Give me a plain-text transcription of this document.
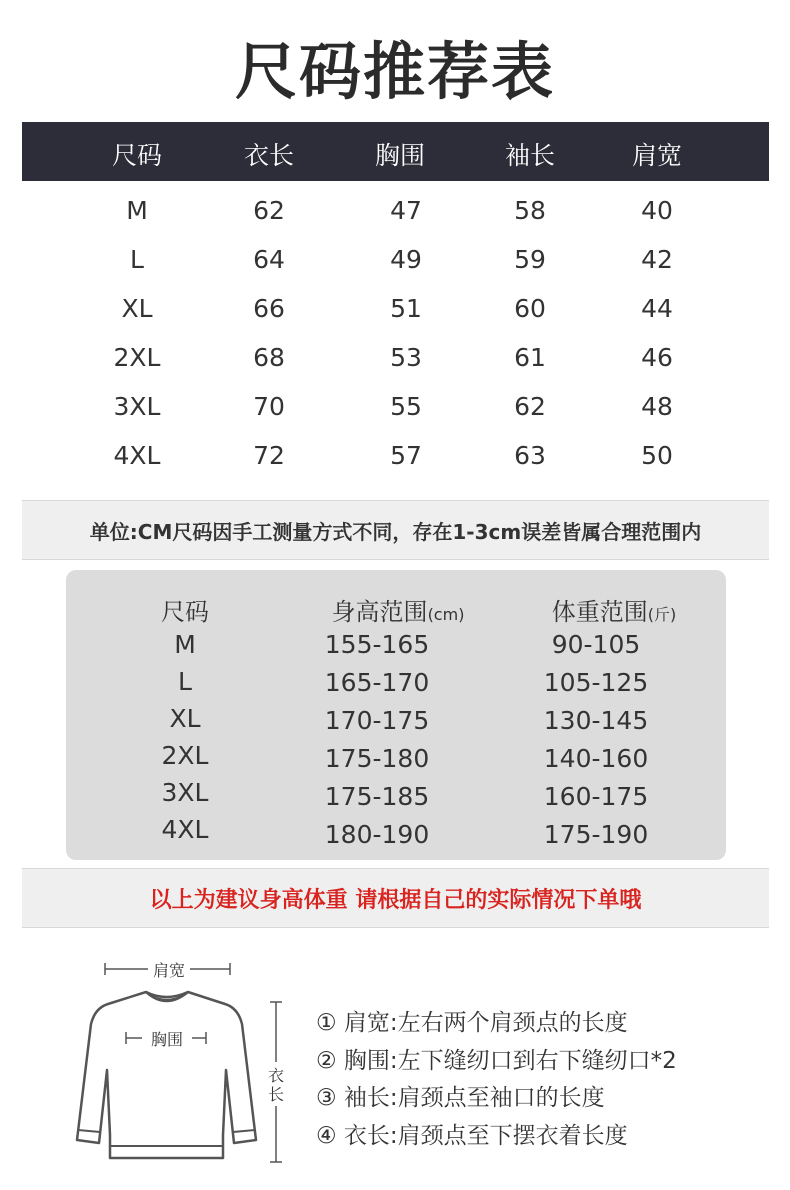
尺码推荐表
尺码	衣长	胸围	袖长	肩宽
M	62	47	58	40
L	64	49	59	42
XL	66	51	60	44
2XL	68	53	61	46
3XL	70	55	62	48
4XL	72	57	63	50
单位:CM尺码因手工测量方式不同，存在1-3cm误差皆属合理范围内
尺码	身高范围(cm)	体重范围(斤)
M	155-165	90-105
L	165-170	105-125
XL	170-175	130-145
2XL	175-180	140-160
3XL	175-185	160-175
4XL	180-190	175-190
以上为建议身高体重 请根据自己的实际情况下单哦
肩宽
胸围
衣
长
① 肩宽:左右两个肩颈点的长度
② 胸围:左下缝纫口到右下缝纫口*2
③ 袖长:肩颈点至袖口的长度
④ 衣长:肩颈点至下摆衣着长度
